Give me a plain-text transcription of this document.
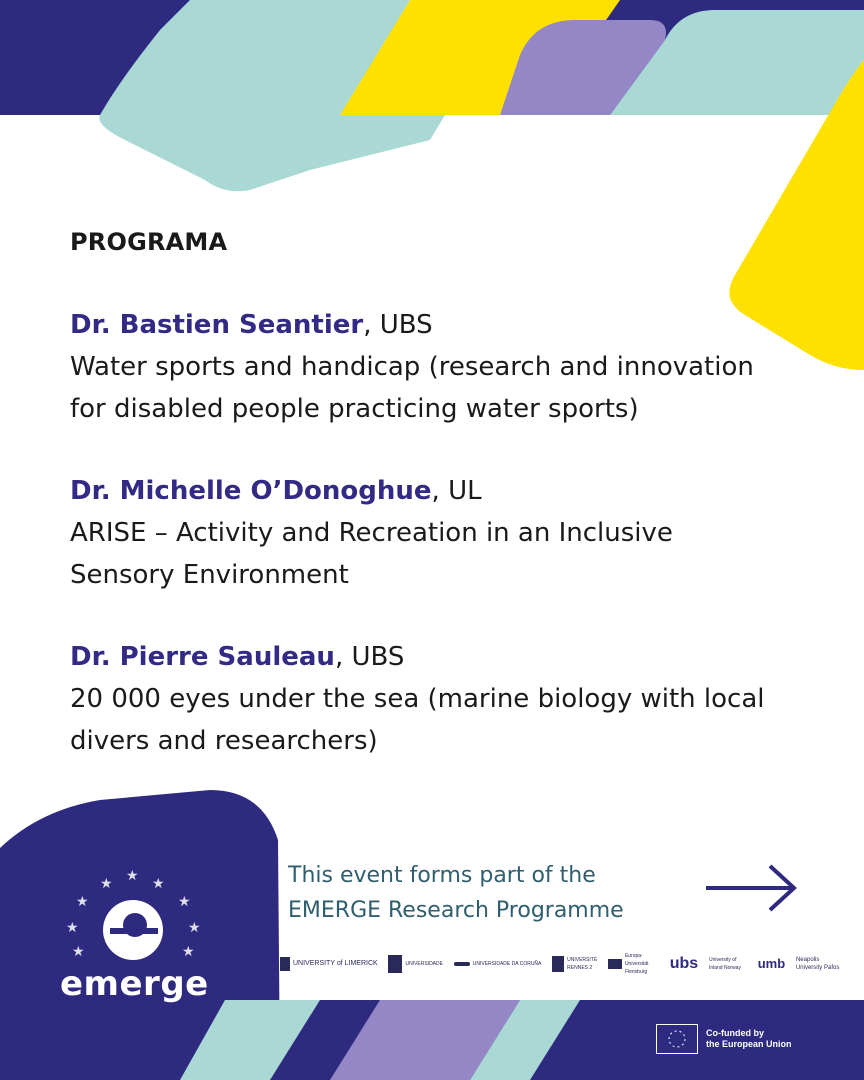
★ ★ ★
★	★
★	★
★	★
PROGRAMA
Dr. Bastien Seantier, UBS
Water sports and handicap (research and innovation
for disabled people practicing water sports)
Dr. Michelle O’Donoghue, UL
ARISE – Activity and Recreation in an Inclusive
Sensory Environment
Dr. Pierre Sauleau, UBS
20 000 eyes under the sea (marine biology with local
divers and researchers)
This event forms part of the
EMERGE Research Programme
emerge
UNIVERSITY of LIMERICK	UNIVERSIDADE	UNIVERSIDADE DA CORUÑA
UNIVERSITÉ RENNES 2
Europa-Universität Flensburg	ubs University of Inland Norway	umb Neapolis University Pafos
Co-funded by
the European Union
